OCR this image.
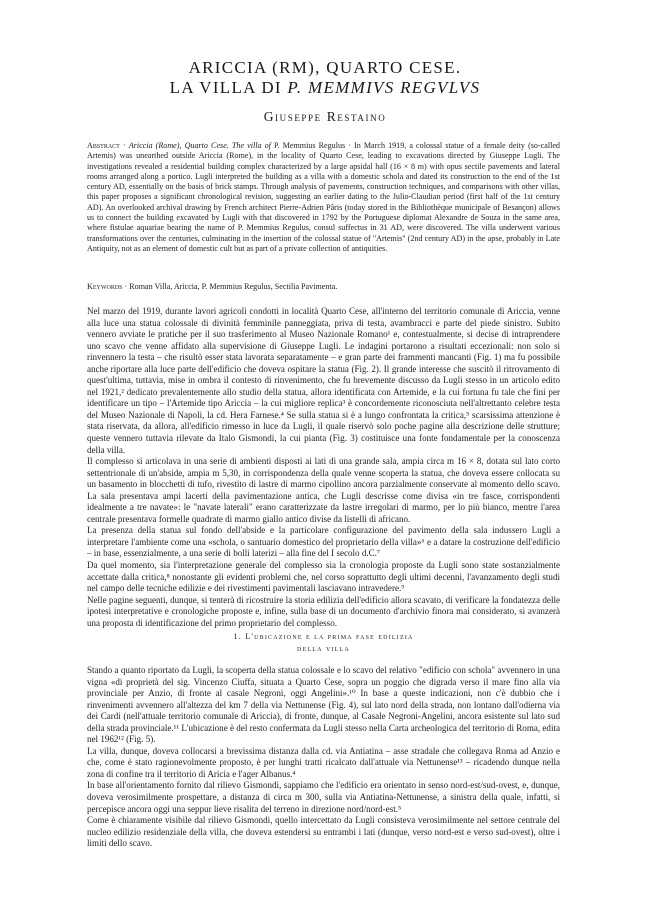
ARICCIA (RM), QUARTO CESE.
LA VILLA DI P. MEMMIVS REGVLVS
Giuseppe Restaino
Abstract · Ariccia (Rome), Quarto Cese. The villa of P. Memmius Regulus · In March 1919, a colossal statue of a female deity (so-called Artemis) was unearthed outside Ariccia (Rome), in the locality of Quarto Cese, leading to excavations directed by Giuseppe Lugli. The investigations revealed a residential building complex characterized by a large apsidal hall (16 × 8 m) with opus sectile pavements and lateral rooms arranged along a portico. Lugli interpreted the building as a villa with a domestic schola and dated its construction to the end of the 1st century AD, essentially on the basis of brick stamps. Through analysis of pavements, construction techniques, and comparisons with other villas, this paper proposes a significant chronological revision, suggesting an earlier dating to the Julio-Claudian period (first half of the 1st century AD). An overlooked archival drawing by French architect Pierre-Adrien Pâris (today stored in the Bibliothèque municipale of Besançon) allows us to connect the building excavated by Lugli with that discovered in 1792 by the Portuguese diplomat Alexandre de Souza in the same area, where fistulae aquariae bearing the name of P. Memmius Regulus, consul suffectus in 31 AD, were discovered. The villa underwent various transformations over the centuries, culminating in the insertion of the colossal statue of "Artemis" (2nd century AD) in the apse, probably in Late Antiquity, not as an element of domestic cult but as part of a private collection of antiquities.
Keywords · Roman Villa, Ariccia, P. Memmius Regulus, Sectilia Pavimenta.

Nel marzo del 1919, durante lavori agricoli condotti in località Quarto Cese, all'interno del territorio comunale di Ariccia, venne alla luce una statua colossale di divinità femminile panneggiata, priva di testa, avambracci e parte del piede sinistro. Subito vennero avviate le pratiche per il suo trasferimento al Museo Nazionale Romano¹ e, contestualmente, si decise di intraprendere uno scavo che venne affidato alla supervisione di Giuseppe Lugli. Le indagini portarono a risultati eccezionali: non solo si rinvennero la testa – che risultò esser stata lavorata separatamente – e gran parte dei frammenti mancanti (Fig. 1) ma fu possibile anche riportare alla luce parte dell'edificio che doveva ospitare la statua (Fig. 2). Il grande interesse che suscitò il ritrovamento di quest'ultima, tuttavia, mise in ombra il contesto di rinvenimento, che fu brevemente discusso da Lugli stesso in un articolo edito nel 1921,² dedicato prevalentemente allo studio della statua, allora identificata con Artemide, e la cui fortuna fu tale che fini per identificare un tipo – l'Artemide tipo Ariccia – la cui migliore replica³ è concordemente riconosciuta nell'altrettanto celebre testa del Museo Nazionale di Napoli, la cd. Hera Farnese.⁴ Se sulla statua si è a lungo confrontata la critica,⁵ scarsissima attenzione è stata riservata, da allora, all'edificio rimesso in luce da Lugli, il quale riservò solo poche pagine alla descrizione delle strutture; queste vennero tuttavia rilevate da Italo Gismondi, la cui pianta (Fig. 3) costituisce una fonte fondamentale per la conoscenza della villa.

Il complesso si articolava in una serie di ambienti disposti ai lati di una grande sala, ampia circa m 16 × 8, dotata sul lato corto settentrionale di un'abside, ampia m 5,30, in corrispondenza della quale venne scoperta la statua, che doveva essere collocata su un basamento in blocchetti di tufo, rivestito di lastre di marmo cipollino ancora parzialmente conservate al momento dello scavo. La sala presentava ampi lacerti della pavimentazione antica, che Lugli descrisse come divisa «in tre fasce, corrispondenti idealmente a tre navate»: le "navate laterali" erano caratterizzate da lastre irregolari di marmo, per lo più bianco, mentre l'area centrale presentava formelle quadrate di marmo giallo antico divise da listelli di africano.

La presenza della statua sul fondo dell'abside e la particolare configurazione del pavimento della sala indussero Lugli a interpretare l'ambiente come una «schola, o santuario domestico del proprietario della villa»⁶ e a datare la costruzione dell'edificio – in base, essenzialmente, a una serie di bolli laterizi – alla fine del I secolo d.C.⁷

Da quel momento, sia l'interpretazione generale del complesso sia la cronologia proposte da Lugli sono state sostanzialmente accettate dalla critica,⁸ nonostante gli evidenti problemi che, nel corso soprattutto degli ultimi decenni, l'avanzamento degli studi nel campo delle tecniche edilizie e dei rivestimenti pavimentali lasciavano intravedere.⁹

Nelle pagine seguenti, dunque, si tenterà di ricostruire la storia edilizia dell'edificio allora scavato, di verificare la fondatezza delle ipotesi interpretative e cronologiche proposte e, infine, sulla base di un documento d'archivio finora mai considerato, si avanzerà una proposta di identificazione del primo proprietario del complesso.

1. L'ubicazione e la prima fase edilizia
della villa

Stando a quanto riportato da Lugli, la scoperta della statua colossale e lo scavo del relativo "edificio con schola" avvennero in una vigna «di proprietà del sig. Vincenzo Ciuffa, situata a Quarto Cese, sopra un poggio che digrada verso il mare fino alla via provinciale per Anzio, di fronte al casale Negroni, oggi Angelini».¹⁰ In base a queste indicazioni, non c'è dubbio che i rinvenimenti avvennero all'altezza del km 7 della via Nettunense (Fig. 4), sul lato nord della strada, non lontano dall'odierna via dei Cardi (nell'attuale territorio comunale di Ariccia), di fronte, dunque, al Casale Negroni-Angelini, ancora esistente sul lato sud della strada provinciale.¹¹ L'ubicazione è del resto confermata da Lugli stesso nella Carta archeologica del territorio di Roma, edita nel 1962¹² (Fig. 5).

La villa, dunque, doveva collocarsi a brevissima distanza dalla cd. via Antiatina – asse stradale che collegava Roma ad Anzio e che, come è stato ragionevolmente proposto, è per lunghi tratti ricalcato dall'attuale via Nettunense¹³ – ricadendo dunque nella zona di confine tra il territorio di Aricia e l'ager Albanus.⁴

In base all'orientamento fornito dal rilievo Gismondi, sappiamo che l'edificio era orientato in senso nord-est/sud-ovest, e, dunque, doveva verosimilmente prospettare, a distanza di circa m 300, sulla via Antiatina-Nettunense, a sinistra della quale, infatti, si percepisce ancora oggi una seppur lieve risalita del terreno in direzione nord/nord-est.⁵

Come è chiaramente visibile dal rilievo Gismondi, quello intercettato da Lugli consisteva verosimilmente nel settore centrale del nucleo edilizio residenziale della villa, che doveva estendersi su entrambi i lati (dunque, verso nord-est e verso sud-ovest), oltre i limiti dello scavo.
